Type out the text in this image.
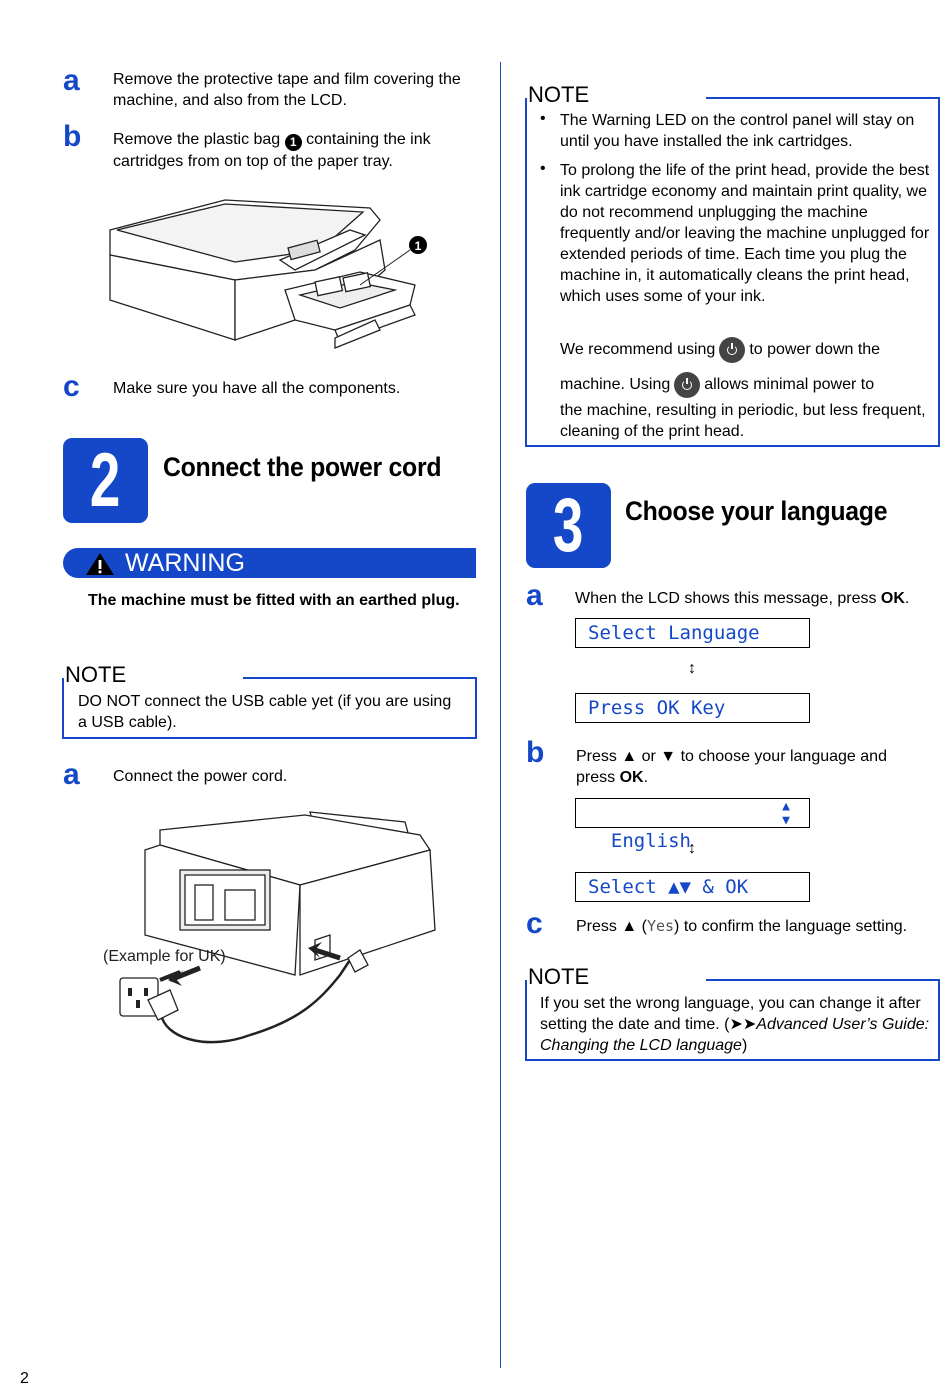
a Remove the protective tape and film covering the machine, and also from the LCD.
b Remove the plastic bag 1 containing the ink cartridges from on top of the paper tray.
1
c Make sure you have all the components.
2	Connect the power cord
WARNING
The machine must be fitted with an earthed plug.
NOTE
DO NOT connect the USB cable yet (if you are using a USB cable).
a Connect the power cord.
(Example for UK)
2
NOTE
• The Warning LED on the control panel will stay on until you have installed the ink cartridges.
• To prolong the life of the print head, provide the best ink cartridge economy and maintain print quality, we do not recommend unplugging the machine frequently and/or leaving the machine unplugged for extended periods of time. Each time you plug the machine in, it automatically cleans the print head, which uses some of your ink.
We recommend using to power down the
machine. Using allows minimal power to
the machine, resulting in periodic, but less frequent, cleaning of the print head.
3	Choose your language
a When the LCD shows this message, press OK.
Select Language
↕
Press OK Key
b Press ▲ or ▼ to choose your language and
press OK.

English

▲
▼

↕
Select ▲▼ & OK
c Press ▲ (Yes) to confirm the language setting.
NOTE
If you set the wrong language, you can change it after setting the date and time. (➤➤Advanced User’s Guide: Changing the LCD language)
